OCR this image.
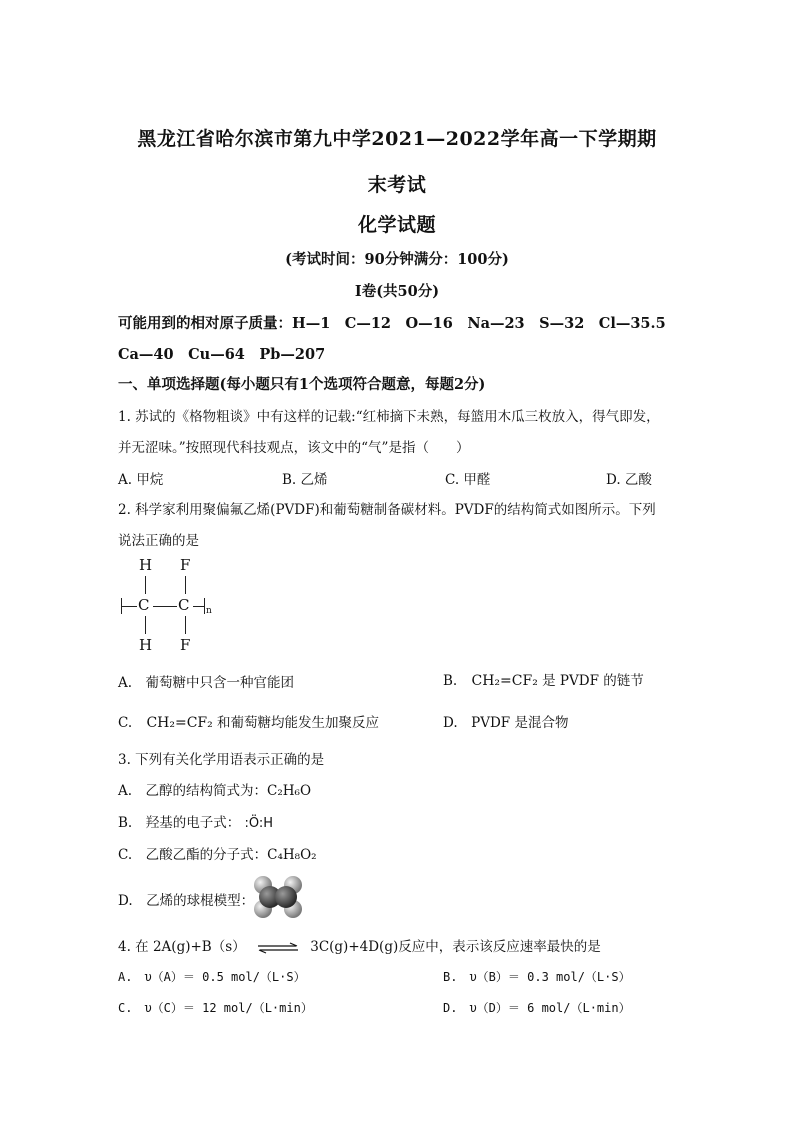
黑龙江省哈尔滨市第九中学2021—2022学年高一下学期期
末考试
化学试题
(考试时间：90分钟满分：100分)
I卷(共50分)
可能用到的相对原子质量：H—1　C—12　O—16　Na—23　S—32　Cl—35.5
Ca—40　Cu—64　Pb—207
一、单项选择题(每小题只有1个选项符合题意，每题2分)
1. 苏试的《格物粗谈》中有这样的记载:“红柿摘下未熟，每篮用木瓜三枚放入，得气即发，
并无涩味。”按照现代科技观点，该文中的“气”是指（　　）
A. 甲烷	B. 乙烯	C. 甲醛	D. 乙酸
2. 科学家利用聚偏氟乙烯(PVDF)和葡萄糖制备碳材料。PVDF的结构简式如图所示。下列
说法正确的是
H F
C C n
H F
A.　葡萄糖中只含一种官能团	B. CH₂=CF₂ 是 PVDF 的链节
C. CH₂=CF₂ 和葡萄糖均能发生加聚反应	D.　PVDF 是混合物
3. 下列有关化学用语表示正确的是
A.　乙醇的结构简式为：C₂H₆O
B.　羟基的电子式： :Ö:H
C.　乙酸乙酯的分子式：C₄H₈O₂
D.　乙烯的球棍模型：
4. 在 2A(g)+B（s） ⇌ 3C(g)+4D(g)反应中，表示该反应速率最快的是
A.　υ（A）＝ 0.5 mol/（L·S）	B.　υ（B）＝ 0.3 mol/（L·S）
C.　υ（C）＝ 12 mol/（L·min）	D.　υ（D）＝ 6 mol/（L·min）
